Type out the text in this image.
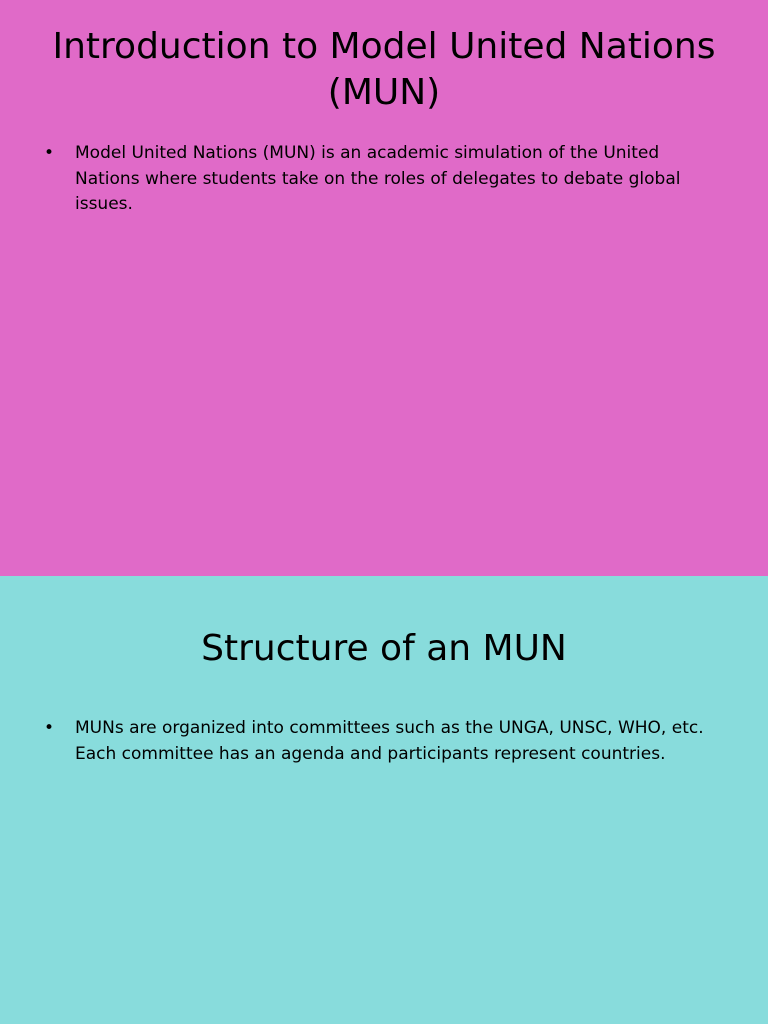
Introduction to Model United Nations (MUN)
•	Model United Nations (MUN) is an academic simulation of the United Nations where students take on the roles of delegates to debate global issues.
Structure of an MUN
•	MUNs are organized into committees such as the UNGA, UNSC, WHO, etc. Each committee has an agenda and participants represent countries.
